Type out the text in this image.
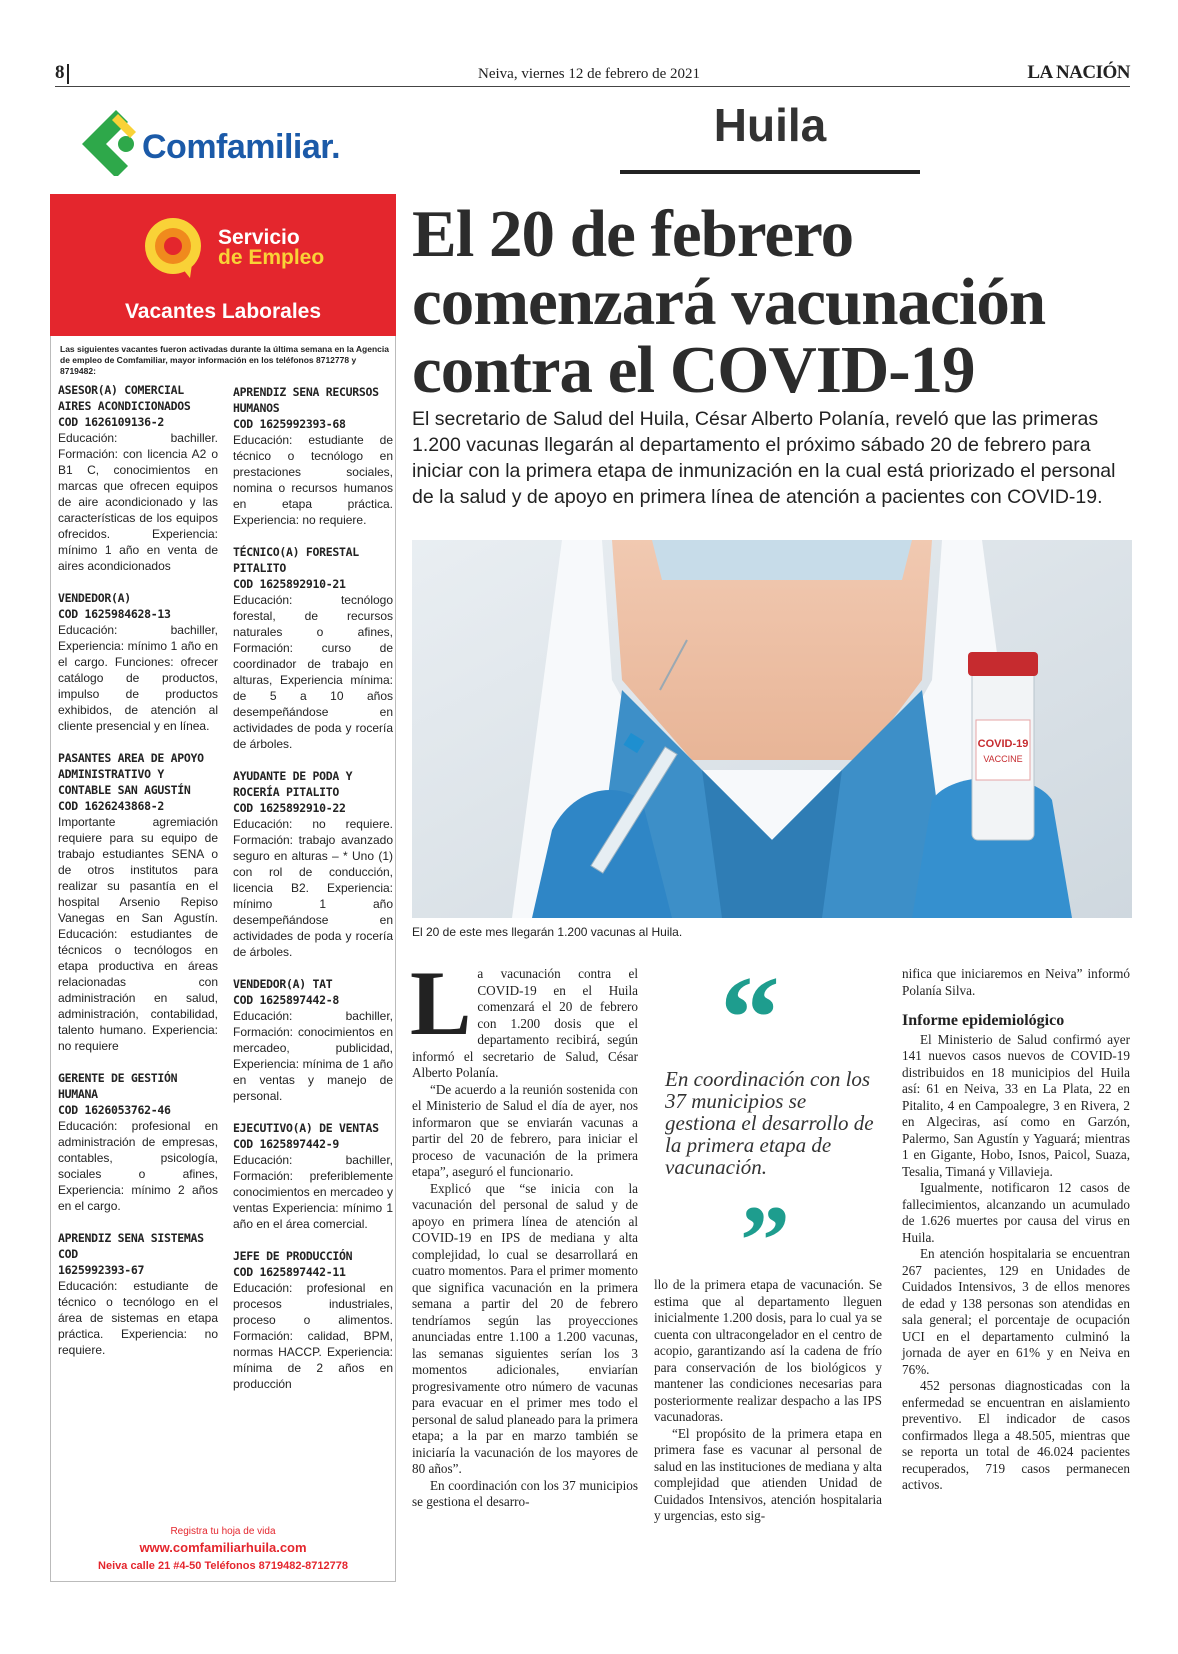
8	Neiva, viernes 12 de febrero de 2021	LA NACIÓN
Comfamiliar.	Huila
El 20 de febrero
comenzará vacunación
contra el COVID-19
El secretario de Salud del Huila, César Alberto Polanía, reveló que las primeras 1.200 vacunas llegarán al departamento el próximo sábado 20 de febrero para iniciar con la primera etapa de inmunización en la cual está priorizado el personal de la salud y de apoyo en primera línea de atención a pacientes con COVID-19.
COVID-19
VACCINE
El 20 de este mes llegarán 1.200 vacunas al Huila.
Servicio
de Empleo
Vacantes Laborales
Las siguientes vacantes fueron activadas durante la última semana en la Agencia de empleo de Comfamiliar, mayor información en los teléfonos 8712778 y 8719482:
ASESOR(A) COMERCIAL AIRES ACONDICIONADOS
COD 1626109136-2
Educación: bachiller. Formación: con licencia A2 o B1 C, conocimientos en marcas que ofrecen equipos de aire acondicionado y las características de los equipos ofrecidos. Experiencia: mínimo 1 año en venta de aires acondicionados
VENDEDOR(A)
COD 1625984628-13
Educación: bachiller, Experiencia: mínimo 1 año en el cargo. Funciones: ofrecer catálogo de productos, impulso de productos exhibidos, de atención al cliente presencial y en línea.
PASANTES AREA DE APOYO ADMINISTRATIVO Y CONTABLE SAN AGUSTÍN
COD 1626243868-2
Importante agremiación requiere para su equipo de trabajo estudiantes SENA o de otros institutos para realizar su pasantía en el hospital Arsenio Repiso Vanegas en San Agustín. Educación: estudiantes de técnicos o tecnólogos en etapa productiva en áreas relacionadas con administración en salud, administración, contabilidad, talento humano. Experiencia: no requiere
GERENTE DE GESTIÓN HUMANA
COD 1626053762-46
Educación: profesional en administración de empresas, contables, psicología, sociales o afines, Experiencia: mínimo 2 años en el cargo.
APRENDIZ SENA SISTEMAS COD
1625992393-67
Educación: estudiante de técnico o tecnólogo en el área de sistemas en etapa práctica. Experiencia: no requiere.
APRENDIZ SENA RECURSOS HUMANOS
COD 1625992393-68
Educación: estudiante de técnico o tecnólogo en prestaciones sociales, nomina o recursos humanos en etapa práctica. Experiencia: no requiere.
TÉCNICO(A) FORESTAL PITALITO
COD 1625892910-21
Educación: tecnólogo forestal, de recursos naturales o afines, Formación: curso de coordinador de trabajo en alturas, Experiencia mínima: de 5 a 10 años desempeñándose en actividades de poda y rocería de árboles.
AYUDANTE DE PODA Y ROCERÍA PITALITO
COD 1625892910-22
Educación: no requiere. Formación: trabajo avanzado seguro en alturas – * Uno (1) con rol de conducción, licencia B2. Experiencia: mínimo 1 año desempeñándose en actividades de poda y rocería de árboles.
VENDEDOR(A) TAT
COD 1625897442-8
Educación: bachiller, Formación: conocimientos en mercadeo, publicidad, Experiencia: mínima de 1 año en ventas y manejo de personal.
EJECUTIVO(A) DE VENTAS
COD 1625897442-9
Educación: bachiller, Formación: preferiblemente conocimientos en mercadeo y ventas Experiencia: mínimo 1 año en el área comercial.
JEFE DE PRODUCCIÓN
COD 1625897442-11
Educación: profesional en procesos industriales, proceso o alimentos. Formación: calidad, BPM, normas HACCP. Experiencia: mínima de 2 años en producción
Registra tu hoja de vida
www.comfamiliarhuila.com
Neiva calle 21 #4-50 Teléfonos 8719482-8712778

La vacunación contra el COVID-19 en el Huila comenzará el 20 de febrero con 1.200 dosis que el departamento recibirá, según informó el secretario de Salud, César Alberto Polanía.

“De acuerdo a la reunión sostenida con el Ministerio de Salud el día de ayer, nos informaron que se enviarán vacunas a partir del 20 de febrero, para iniciar el proceso de vacunación de la primera etapa”, aseguró el funcionario.

Explicó que “se inicia con la vacunación del personal de salud y de apoyo en primera línea de atención al COVID-19 en IPS de mediana y alta complejidad, lo cual se desarrollará en cuatro momentos. Para el primer momento que significa vacunación en la primera semana a partir del 20 de febrero tendríamos según las proyecciones anunciadas entre 1.100 a 1.200 vacunas, las semanas siguientes serían los 3 momentos adicionales, enviarían progresivamente otro número de vacunas para evacuar en el primer mes todo el personal de salud planeado para la primera etapa; a la par en marzo también se iniciaría la vacunación de los mayores de 80 años”.

En coordinación con los 37 municipios se gestiona el desarro-

“
En coordinación con los 37 municipios se gestiona el desarrollo de la primera etapa de vacunación.
”

llo de la primera etapa de vacunación. Se estima que al departamento lleguen inicialmente 1.200 dosis, para lo cual ya se cuenta con ultracongelador en el centro de acopio, garantizando así la cadena de frío para conservación de los biológicos y mantener las condiciones necesarias para posteriormente realizar despacho a las IPS vacunadoras.

“El propósito de la primera etapa en primera fase es vacunar al personal de salud en las instituciones de mediana y alta complejidad que atienden Unidad de Cuidados Intensivos, atención hospitalaria y urgencias, esto sig-

nifica que iniciaremos en Neiva” informó Polanía Silva.

Informe epidemiológico

El Ministerio de Salud confirmó ayer 141 nuevos casos nuevos de COVID-19 distribuidos en 18 municipios del Huila así: 61 en Neiva, 33 en La Plata, 22 en Pitalito, 4 en Campoalegre, 3 en Rivera, 2 en Algeciras, así como en Garzón, Palermo, San Agustín y Yaguará; mientras 1 en Gigante, Hobo, Isnos, Paicol, Suaza, Tesalia, Timaná y Villavieja.

Igualmente, notificaron 12 casos de fallecimientos, alcanzando un acumulado de 1.626 muertes por causa del virus en Huila.

En atención hospitalaria se encuentran 267 pacientes, 129 en Unidades de Cuidados Intensivos, 3 de ellos menores de edad y 138 personas son atendidas en sala general; el porcentaje de ocupación UCI en el departamento culminó la jornada de ayer en 61% y en Neiva en 76%.

452 personas diagnosticadas con la enfermedad se encuentran en aislamiento preventivo. El indicador de casos confirmados llega a 48.505, mientras que se reporta un total de 46.024 pacientes recuperados, 719 casos permanecen activos.
